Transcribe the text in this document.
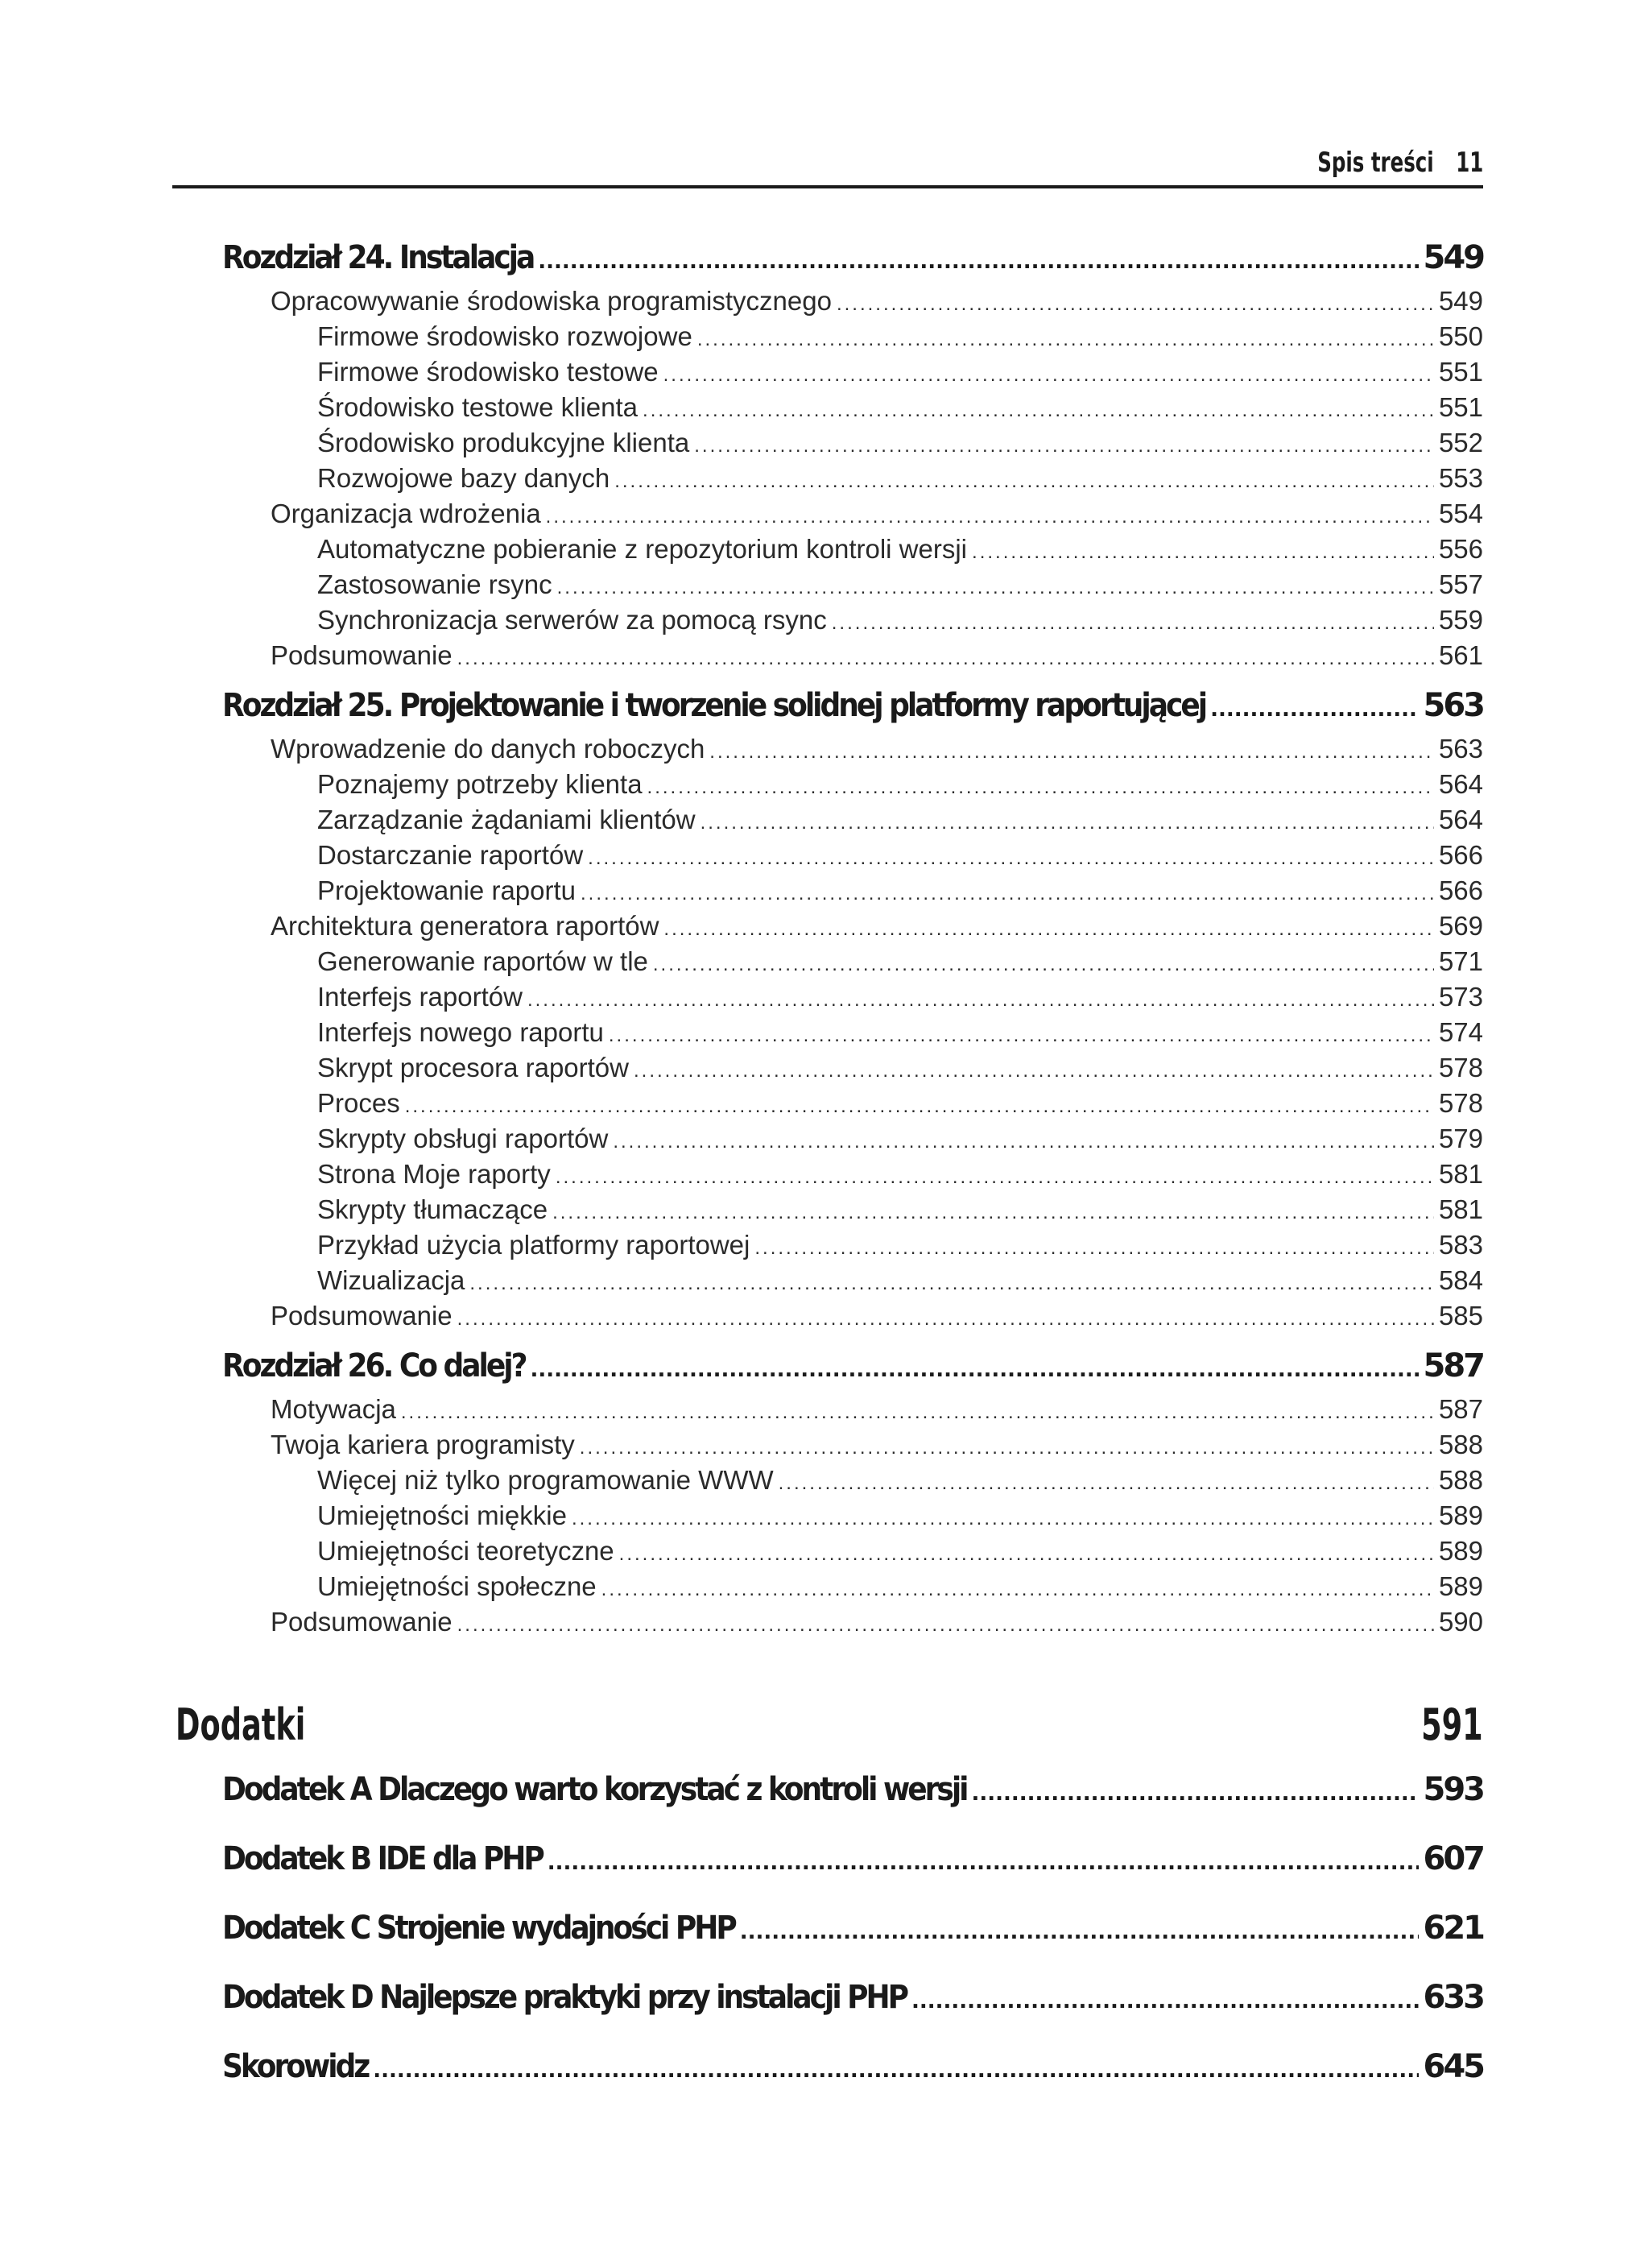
Spis treści 11
Rozdział 24. Instalacja .....	549
Opracowywanie środowiska programistycznego .....	549
Firmowe środowisko rozwojowe .....	550
Firmowe środowisko testowe .....	551
Środowisko testowe klienta .....	551
Środowisko produkcyjne klienta .....	552
Rozwojowe bazy danych .....	553
Organizacja wdrożenia .....	554
Automatyczne pobieranie z repozytorium kontroli wersji .....	556
Zastosowanie rsync .....	557
Synchronizacja serwerów za pomocą rsync .....	559
Podsumowanie .....	561
Rozdział 25. Projektowanie i tworzenie solidnej platformy raportującej .....	563
Wprowadzenie do danych roboczych .....	563
Poznajemy potrzeby klienta .....	564
Zarządzanie żądaniami klientów .....	564
Dostarczanie raportów .....	566
Projektowanie raportu .....	566
Architektura generatora raportów .....	569
Generowanie raportów w tle .....	571
Interfejs raportów .....	573
Interfejs nowego raportu .....	574
Skrypt procesora raportów .....	578
Proces .....	578
Skrypty obsługi raportów .....	579
Strona Moje raporty .....	581
Skrypty tłumaczące .....	581
Przykład użycia platformy raportowej .....	583
Wizualizacja .....	584
Podsumowanie .....	585
Rozdział 26. Co dalej? .....	587
Motywacja .....	587
Twoja kariera programisty .....	588
Więcej niż tylko programowanie WWW .....	588
Umiejętności miękkie .....	589
Umiejętności teoretyczne .....	589
Umiejętności społeczne .....	589
Podsumowanie .....	590
Dodatki	591
Dodatek A Dlaczego warto korzystać z kontroli wersji .....	593
Dodatek B IDE dla PHP .....	607
Dodatek C Strojenie wydajności PHP .....	621
Dodatek D Najlepsze praktyki przy instalacji PHP .....	633
Skorowidz .....	645
